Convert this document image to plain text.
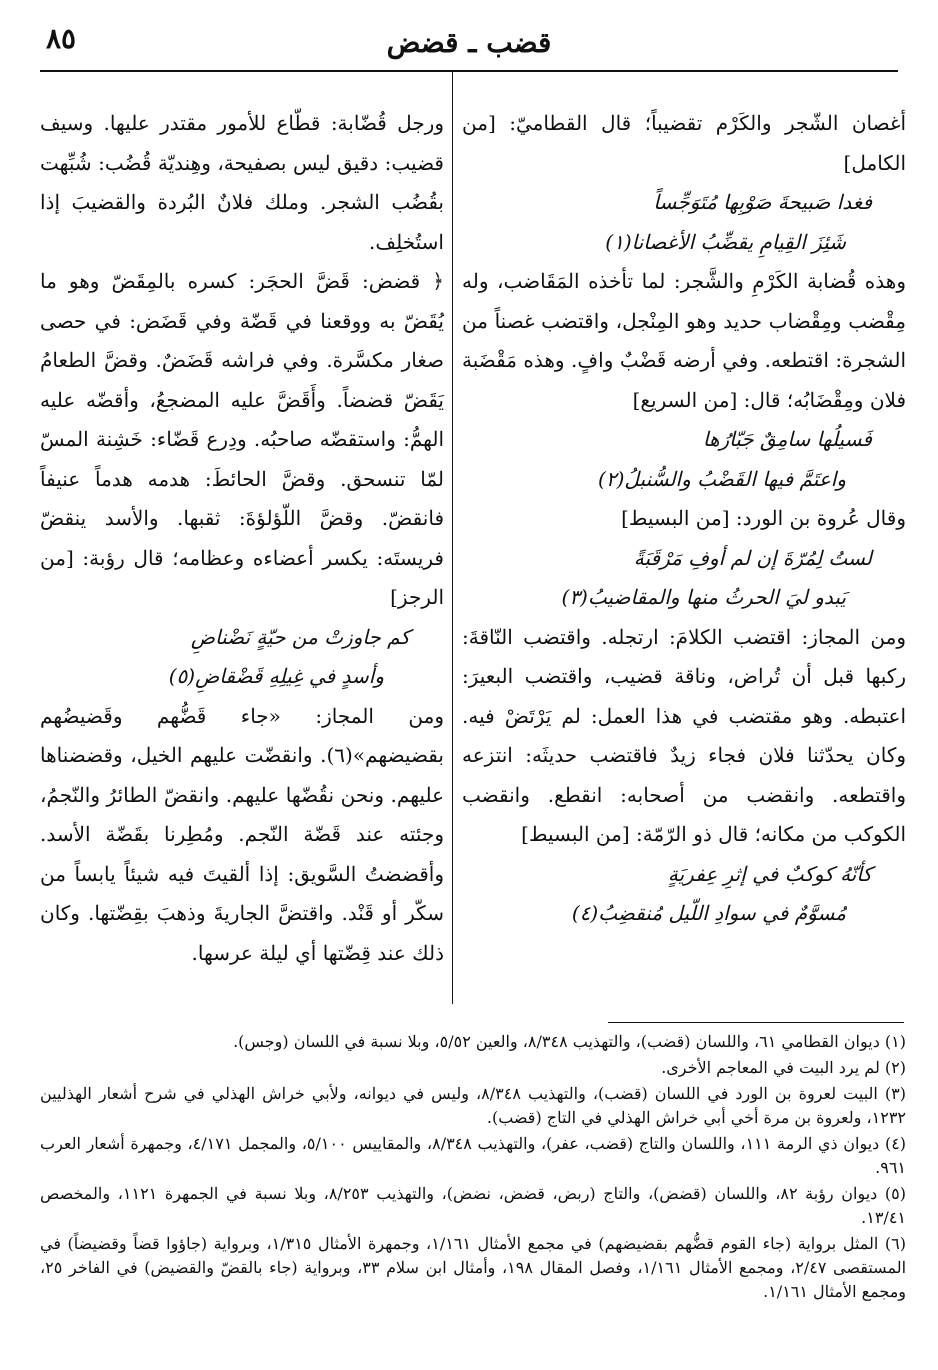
٨٥	قضب ـ قضض

أغصان الشّجر والكَرْم تقضيباً؛ قال القطاميّ: [من الكامل]

فغدا صَبيحةَ صَوْبِها مُتَوَجِّساً

شَئِزَ القِيامِ يقضِّبُ الأغصانا(١)

وهذه قُضابة الكَرْمِ والشَّجر: لما تأخذه المَقَاضب، وله مِقْضب ومِقْضاب حديد وهو المِنْجل، واقتضب غصناً من الشجرة: اقتطعه. وفي أرضه قَضْبٌ وافٍ. وهذه مَقْضَبة فلان ومِقْضَابُه؛ قال: [من السريع]

فَسيلُها سامِقٌ جَبّارُها

واعتَمَّ فيها القَضْبُ والسُّنبلُ(٢)

وقال عُروة بن الورد: [من البسيط]

لستُ لِمُرّةَ إن لم أوفِ مَرْقَبَةً

يَبدو ليَ الحرثُ منها والمقاضيبُ(٣)

ومن المجاز: اقتضب الكلامَ: ارتجله. واقتضب النّاقةَ: ركبها قبل أن تُراض، وناقة قضيب، واقتضب البعيرَ: اعتبطه. وهو مقتضب في هذا العمل: لم يَرْتَضْ فيه. وكان يحدّثنا فلان فجاء زيدٌ فاقتضب حديثَه: انتزعه واقتطعه. وانقضب من أصحابه: انقطع. وانقضب الكوكب من مكانه؛ قال ذو الرّمّة: [من البسيط]

كأنّهُ كوكبٌ في إثرِ عِفريَةٍ

مُسوَّمٌ في سوادِ اللّيل مُنقضِبُ(٤)

ورجل قُضّابة: قطّاع للأمور مقتدر عليها. وسيف قضيب: دقيق ليس بصفيحة، وهِنديّة قُضُب: شُبِّهت بقُضُب الشجر. وملك فلانٌ البُردة والقضيبَ إذا استُخلِف.

﴿ قضض: قَضَّ الحجَر: كسره بالمِقَضّ وهو ما يُقَضّ به ووقعنا في قَضّة وفي قَضَض: في حصى صغار مكسَّرة. وفي فراشه قَضَضٌ. وقضَّ الطعامُ يَقَضّ قضضاً. وأَقَضَّ عليه المضجعُ، وأقضّه عليه الهمُّ: واستقضّه صاحبُه. ودِرع قَضّاء: خَشِنة المسّ لمّا تنسحق. وقضَّ الحائطَ: هدمه هدماً عنيفاً فانقضّ. وقضَّ اللّؤلؤةَ: ثقبها. والأسد ينقضّ فريستَه: يكسر أعضاءه وعظامه؛ قال رؤبة: [من الرجز]

كم جاوزتْ من حيّةٍ نَضْناضِ

وأسدٍ في غِيلِهِ قَضْقاضِ(٥)

ومن المجاز: «جاء قَضُّهم وقَضيضُهم بقضيضهم»(٦). وانقضّت عليهم الخيل، وقضضناها عليهم. ونحن نقُضّها عليهم. وانقضّ الطائرُ والنّجمُ، وجئته عند قَضّة النّجم. ومُطِرنا بقَضّة الأسد. وأقضضتُ السَّويق: إذا ألقيتَ فيه شيئاً يابساً من سكّر أو قَنْد. واقتضَّ الجاريةَ وذهبَ بقِضّتها. وكان ذلك عند قِضّتها أي ليلة عرسها.

(١) ديوان القطامي ٦١، واللسان (قضب)، والتهذيب ٨/٣٤٨، والعين ٥/٥٢، وبلا نسبة في اللسان (وجس).

(٢) لم يرد البيت في المعاجم الأخرى.

(٣) البيت لعروة بن الورد في اللسان (قضب)، والتهذيب ٨/٣٤٨، وليس في ديوانه، ولأبي خراش الهذلي في شرح أشعار الهذليين ١٢٣٢، ولعروة بن مرة أخي أبي خراش الهذلي في التاج (قضب).

(٤) ديوان ذي الرمة ١١١، واللسان والتاج (قضب، عفر)، والتهذيب ٨/٣٤٨، والمقاييس ٥/١٠٠، والمجمل ٤/١٧١، وجمهرة أشعار العرب ٩٦١.

(٥) ديوان رؤبة ٨٢، واللسان (قضض)، والتاج (ربض، قضض، نضض)، والتهذيب ٨/٢٥٣، وبلا نسبة في الجمهرة ١١٢١، والمخصص ١٣/٤١.

(٦) المثل برواية (جاء القوم قضُّهم بقضيضهم) في مجمع الأمثال ١/١٦١، وجمهرة الأمثال ١/٣١٥، وبرواية (جاؤوا قضاً وقضيضاً) في المستقصى ٢/٤٧، ومجمع الأمثال ١/١٦١، وفصل المقال ١٩٨، وأمثال ابن سلام ٣٣، وبرواية (جاء بالقضّ والقضيض) في الفاخر ٢٥، ومجمع الأمثال ١/١٦١.
